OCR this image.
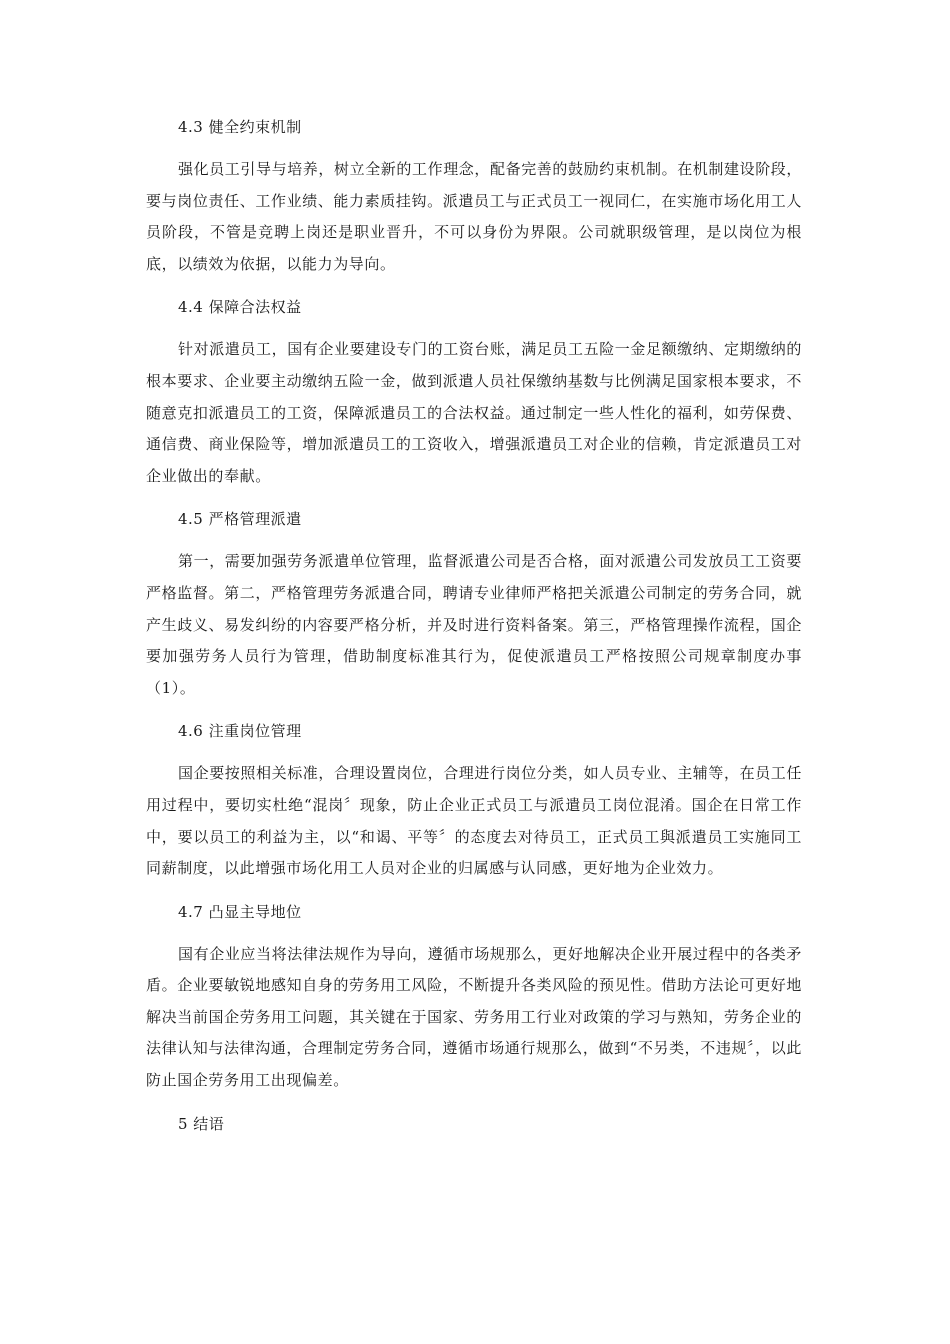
4.3 健全约束机制

强化员工引导与培养，树立全新的工作理念，配备完善的鼓励约束机制。在机制建设阶段，要与岗位责任、工作业绩、能力素质挂钩。派遣员工与正式员工一视同仁，在实施市场化用工人员阶段，不管是竞聘上岗还是职业晋升，不可以身份为界限。公司就职级管理，是以岗位为根底，以绩效为依据，以能力为导向。

4.4 保障合法权益

针对派遣员工，国有企业要建设专门的工资台账，满足员工五险一金足额缴纳、定期缴纳的根本要求、企业要主动缴纳五险一金，做到派遣人员社保缴纳基数与比例满足国家根本要求，不随意克扣派遣员工的工资，保障派遣员工的合法权益。通过制定一些人性化的福利，如劳保费、通信费、商业保险等，增加派遣员工的工资收入，增强派遣员工对企业的信赖，肯定派遣员工对企业做出的奉献。

4.5 严格管理派遣

第一，需要加强劳务派遣单位管理，监督派遣公司是否合格，面对派遣公司发放员工工资要严格监督。第二，严格管理劳务派遣合同，聘请专业律师严格把关派遣公司制定的劳务合同，就产生歧义、易发纠纷的内容要严格分析，并及时进行资料备案。第三，严格管理操作流程，国企要加强劳务人员行为管理，借助制度标准其行为，促使派遣员工严格按照公司规章制度办事（1）。

4.6 注重岗位管理

国企要按照相关标准，合理设置岗位，合理进行岗位分类，如人员专业、主辅等，在员工任用过程中，要切实杜绝“混岗〞现象，防止企业正式员工与派遣员工岗位混淆。国企在日常工作中，要以员工的利益为主，以“和谒、平等〞的态度去对待员工，正式员工與派遣员工实施同工同薪制度，以此增强市场化用工人员对企业的归属感与认同感，更好地为企业效力。

4.7 凸显主导地位

国有企业应当将法律法规作为导向，遵循市场规那么，更好地解决企业开展过程中的各类矛盾。企业要敏锐地感知自身的劳务用工风险，不断提升各类风险的预见性。借助方法论可更好地解决当前国企劳务用工问题，其关键在于国家、劳务用工行业对政策的学习与熟知，劳务企业的法律认知与法律沟通，合理制定劳务合同，遵循市场通行规那么，做到“不另类，不违规〞，以此防止国企劳务用工出现偏差。

5 结语
